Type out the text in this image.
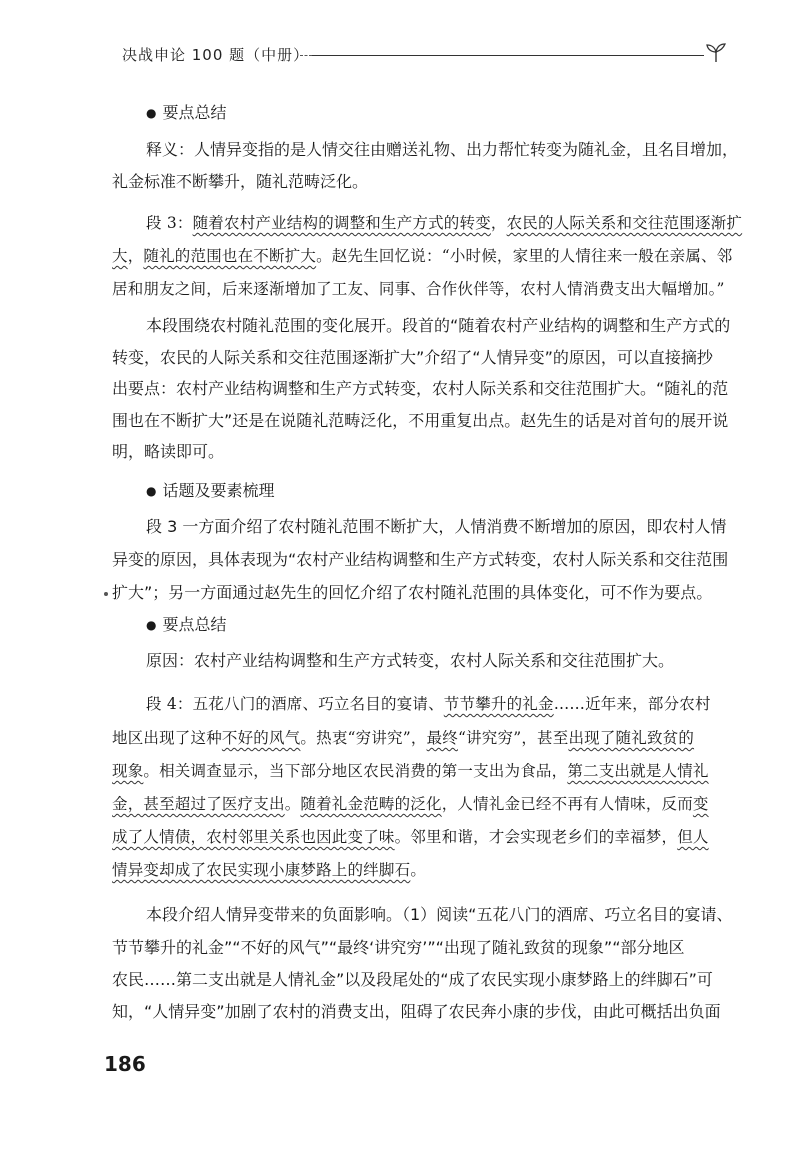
决战申论 100 题（中册）
● 要点总结
释义：人情异变指的是人情交往由赠送礼物、出力帮忙转变为随礼金，且名目增加，
礼金标准不断攀升，随礼范畴泛化。
段 3：随着农村产业结构的调整和生产方式的转变，农民的人际关系和交往范围逐渐扩
大，随礼的范围也在不断扩大。赵先生回忆说：“小时候，家里的人情往来一般在亲属、邻
居和朋友之间，后来逐渐增加了工友、同事、合作伙伴等，农村人情消费支出大幅增加。”
本段围绕农村随礼范围的变化展开。段首的“随着农村产业结构的调整和生产方式的
转变，农民的人际关系和交往范围逐渐扩大”介绍了“人情异变”的原因，可以直接摘抄
出要点：农村产业结构调整和生产方式转变，农村人际关系和交往范围扩大。“随礼的范
围也在不断扩大”还是在说随礼范畴泛化，不用重复出点。赵先生的话是对首句的展开说
明，略读即可。
● 话题及要素梳理
段 3 一方面介绍了农村随礼范围不断扩大，人情消费不断增加的原因，即农村人情
异变的原因，具体表现为“农村产业结构调整和生产方式转变，农村人际关系和交往范围
扩大”；另一方面通过赵先生的回忆介绍了农村随礼范围的具体变化，可不作为要点。
● 要点总结
原因：农村产业结构调整和生产方式转变，农村人际关系和交往范围扩大。
段 4：五花八门的酒席、巧立名目的宴请、节节攀升的礼金……近年来，部分农村
地区出现了这种不好的风气。热衷“穷讲究”，最终“讲究穷”，甚至出现了随礼致贫的
现象。相关调查显示，当下部分地区农民消费的第一支出为食品，第二支出就是人情礼
金，甚至超过了医疗支出。随着礼金范畴的泛化，人情礼金已经不再有人情味，反而变
成了人情债，农村邻里关系也因此变了味。邻里和谐，才会实现老乡们的幸福梦，但人
情异变却成了农民实现小康梦路上的绊脚石。
本段介绍人情异变带来的负面影响。（1）阅读“五花八门的酒席、巧立名目的宴请、
节节攀升的礼金”“不好的风气”“最终‘讲究穷’”“出现了随礼致贫的现象”“部分地区
农民……第二支出就是人情礼金”以及段尾处的“成了农民实现小康梦路上的绊脚石”可
知，“人情异变”加剧了农村的消费支出，阻碍了农民奔小康的步伐，由此可概括出负面
186
